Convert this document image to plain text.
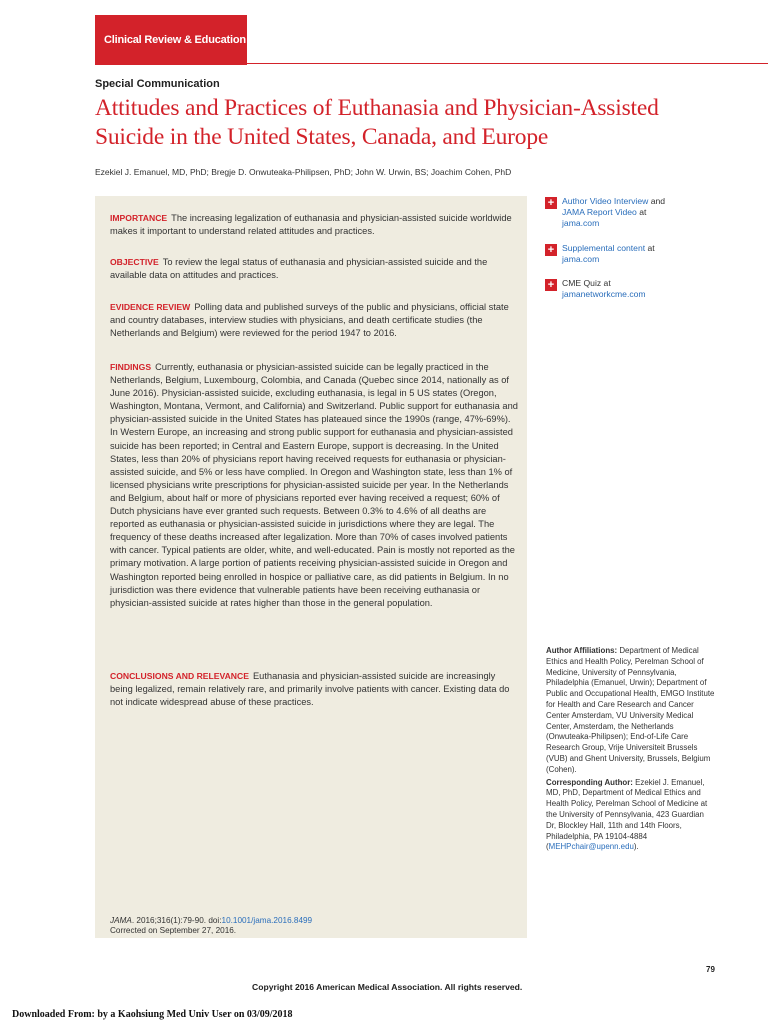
Clinical Review & Education
Special Communication
Attitudes and Practices of Euthanasia and Physician-Assisted
Suicide in the United States, Canada, and Europe
Ezekiel J. Emanuel, MD, PhD; Bregje D. Onwuteaka-Philipsen, PhD; John W. Urwin, BS; Joachim Cohen, PhD

IMPORTANCE The increasing legalization of euthanasia and physician-assisted suicide worldwide makes it important to understand related attitudes and practices.

OBJECTIVE To review the legal status of euthanasia and physician-assisted suicide and the available data on attitudes and practices.

EVIDENCE REVIEW Polling data and published surveys of the public and physicians, official state and country databases, interview studies with physicians, and death certificate studies (the Netherlands and Belgium) were reviewed for the period 1947 to 2016.

FINDINGS Currently, euthanasia or physician-assisted suicide can be legally practiced in the Netherlands, Belgium, Luxembourg, Colombia, and Canada (Quebec since 2014, nationally as of June 2016). Physician-assisted suicide, excluding euthanasia, is legal in 5 US states (Oregon, Washington, Montana, Vermont, and California) and Switzerland. Public support for euthanasia and physician-assisted suicide in the United States has plateaued since the 1990s (range, 47%-69%). In Western Europe, an increasing and strong public support for euthanasia and physician-assisted suicide has been reported; in Central and Eastern Europe, support is decreasing. In the United States, less than 20% of physicians report having received requests for euthanasia or physician-assisted suicide, and 5% or less have complied. In Oregon and Washington state, less than 1% of licensed physicians write prescriptions for physician-assisted suicide per year. In the Netherlands and Belgium, about half or more of physicians reported ever having received a request; 60% of Dutch physicians have ever granted such requests. Between 0.3% to 4.6% of all deaths are reported as euthanasia or physician-assisted suicide in jurisdictions where they are legal. The frequency of these deaths increased after legalization. More than 70% of cases involved patients with cancer. Typical patients are older, white, and well-educated. Pain is mostly not reported as the primary motivation. A large portion of patients receiving physician-assisted suicide in Oregon and Washington reported being enrolled in hospice or palliative care, as did patients in Belgium. In no jurisdiction was there evidence that vulnerable patients have been receiving euthanasia or physician-assisted suicide at rates higher than those in the general population.

CONCLUSIONS AND RELEVANCE Euthanasia and physician-assisted suicide are increasingly being legalized, remain relatively rare, and primarily involve patients with cancer. Existing data do not indicate widespread abuse of these practices.

JAMA. 2016;316(1):79-90. doi:10.1001/jama.2016.8499
Corrected on September 27, 2016.
+ Author Video Interview and
JAMA Report Video at
jama.com
+ Supplemental content at
jama.com
+ CME Quiz at
jamanetworkcme.com

Author Affiliations: Department of Medical Ethics and Health Policy, Perelman School of Medicine, University of Pennsylvania, Philadelphia (Emanuel, Urwin); Department of Public and Occupational Health, EMGO Institute for Health and Care Research and Cancer Center Amsterdam, VU University Medical Center, Amsterdam, the Netherlands (Onwuteaka-Philipsen); End-of-Life Care Research Group, Vrije Universiteit Brussels (VUB) and Ghent University, Brussels, Belgium (Cohen).

Corresponding Author: Ezekiel J. Emanuel, MD, PhD, Department of Medical Ethics and Health Policy, Perelman School of Medicine at the University of Pennsylvania, 423 Guardian Dr, Blockley Hall, 11th and 14th Floors, Philadelphia, PA 19104-4884 (MEHPchair@upenn.edu).

79
Copyright 2016 American Medical Association. All rights reserved.
Downloaded From: by a Kaohsiung Med Univ User on 03/09/2018
